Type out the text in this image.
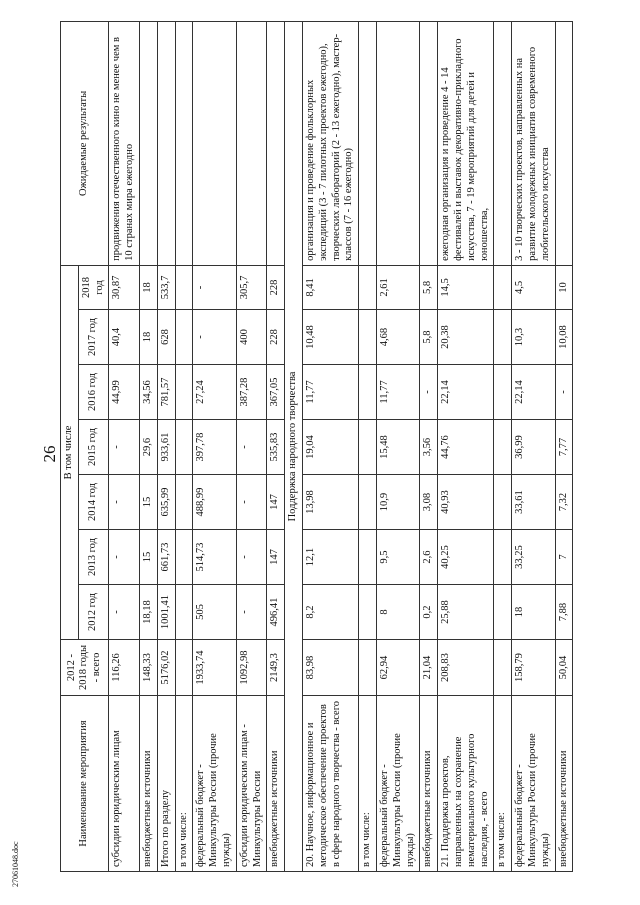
26
Наименование мероприятия	2012 - 2018 годы - всего	В том числе							Ожидаемые результаты
		2012 год	2013 год	2014 год	2015 год	2016 год	2017 год	2018 год	
субсидии юридическим лицам	116,26	-	-	-	-	44,99	40,4	30,87	продвижения отечественного кино не менее чем в 10 странах мира ежегодно
внебюджетные источники	148,33	18,18	15	15	29,6	34,56	18	18	
Итого по разделу	5176,02	1001,41	661,73	635,99	933,61	781,57	628	533,7	
в том числе:									
федеральный бюджет - Минкультуры России (прочие нужды)	1933,74	505	514,73	488,99	397,78	27,24	-	-	
субсидии юридическим лицам - Минкультуры России	1092,98	-	-	-	-	387,28	400	305,7	
внебюджетные источники	2149,3	496,41	147	147	535,83	367,05	228	228	
Поддержка народного творчества									
20. Научное, информационное и методическое обеспечение проектов в сфере народного творчества - всего	83,98	8,2	12,1	13,98	19,04	11,77	10,48	8,41	организация и проведение фольклорных экспедиций (3 - 7 пилотных проектов ежегодно), творческих лабораторий (2 - 13 ежегодно), мастер-классов (7 - 16 ежегодно)
в том числе:									
федеральный бюджет - Минкультуры России (прочие нужды)	62,94	8	9,5	10,9	15,48	11,77	4,68	2,61	
внебюджетные источники	21,04	0,2	2,6	3,08	3,56	-	5,8	5,8	
21. Поддержка проектов, направленных на сохранение нематериального культурного наследия, - всего	208,83	25,88	40,25	40,93	44,76	22,14	20,38	14,5	ежегодная организация и проведение 4 - 14 фестивалей и выставок декоративно-прикладного искусства, 7 - 19 мероприятий для детей и юношества,
в том числе:									
федеральный бюджет - Минкультуры России (прочие нужды)	158,79	18	33,25	33,61	36,99	22,14	10,3	4,5	3 - 10 творческих проектов, направленных на развитие молодежных инициатив современного любительского искусства
внебюджетные источники	50,04	7,88	7	7,32	7,77	-	10,08	10	
27061048.doc
